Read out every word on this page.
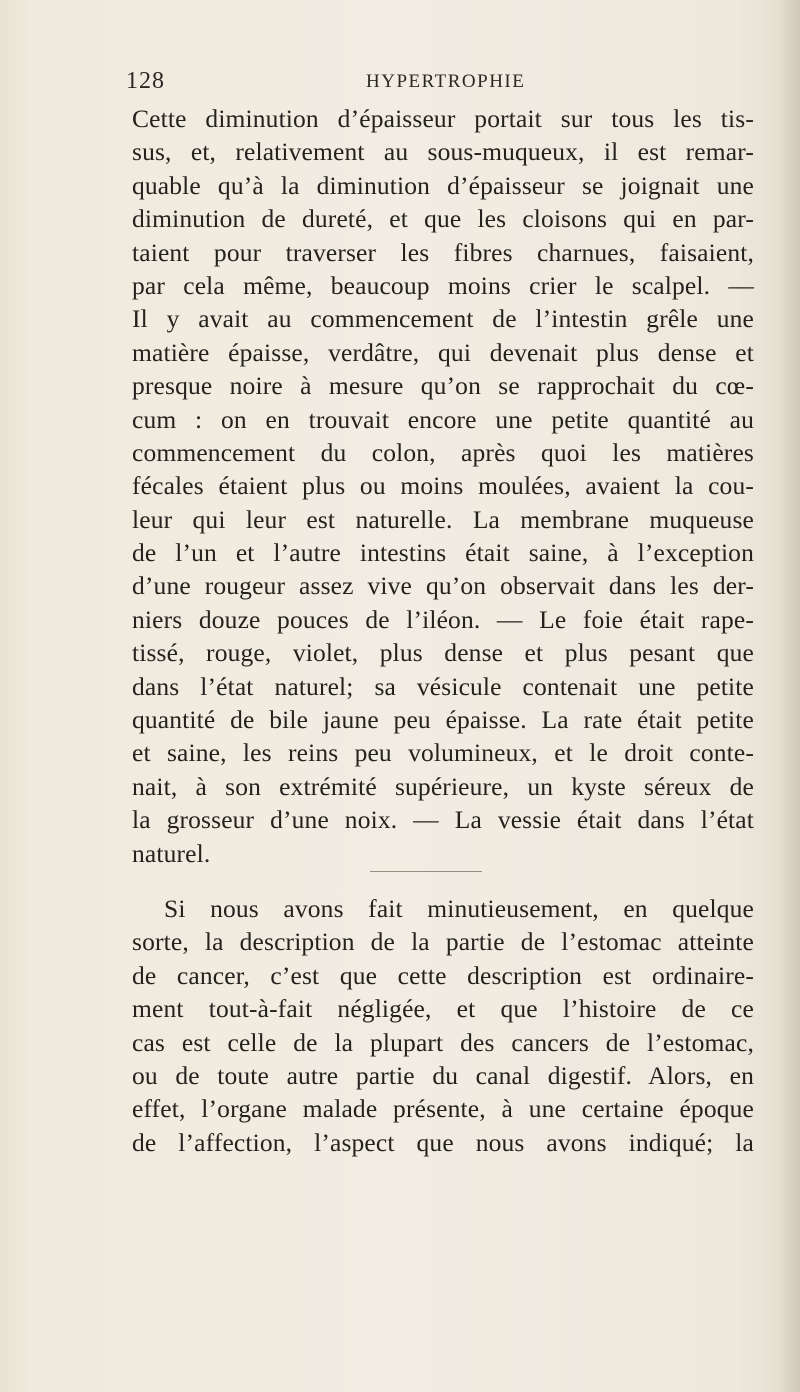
128	HYPERTROPHIE
Cette diminution d’épaisseur portait sur tous les tis-
sus, et, relativement au sous-muqueux, il est remar-
quable qu’à la diminution d’épaisseur se joignait une
diminution de dureté, et que les cloisons qui en par-
taient pour traverser les fibres charnues, faisaient,
par cela même, beaucoup moins crier le scalpel. —
Il y avait au commencement de l’intestin grêle une
matière épaisse, verdâtre, qui devenait plus dense et
presque noire à mesure qu’on se rapprochait du cœ-
cum : on en trouvait encore une petite quantité au
commencement du colon, après quoi les matières
fécales étaient plus ou moins moulées, avaient la cou-
leur qui leur est naturelle. La membrane muqueuse
de l’un et l’autre intestins était saine, à l’exception
d’une rougeur assez vive qu’on observait dans les der-
niers douze pouces de l’iléon. — Le foie était rape-
tissé, rouge, violet, plus dense et plus pesant que
dans l’état naturel; sa vésicule contenait une petite
quantité de bile jaune peu épaisse. La rate était petite
et saine, les reins peu volumineux, et le droit conte-
nait, à son extrémité supérieure, un kyste séreux de
la grosseur d’une noix. — La vessie était dans l’état
naturel.
Si nous avons fait minutieusement, en quelque
sorte, la description de la partie de l’estomac atteinte
de cancer, c’est que cette description est ordinaire-
ment tout-à-fait négligée, et que l’histoire de ce
cas est celle de la plupart des cancers de l’estomac,
ou de toute autre partie du canal digestif. Alors, en
effet, l’organe malade présente, à une certaine époque
de l’affection, l’aspect que nous avons indiqué; la
